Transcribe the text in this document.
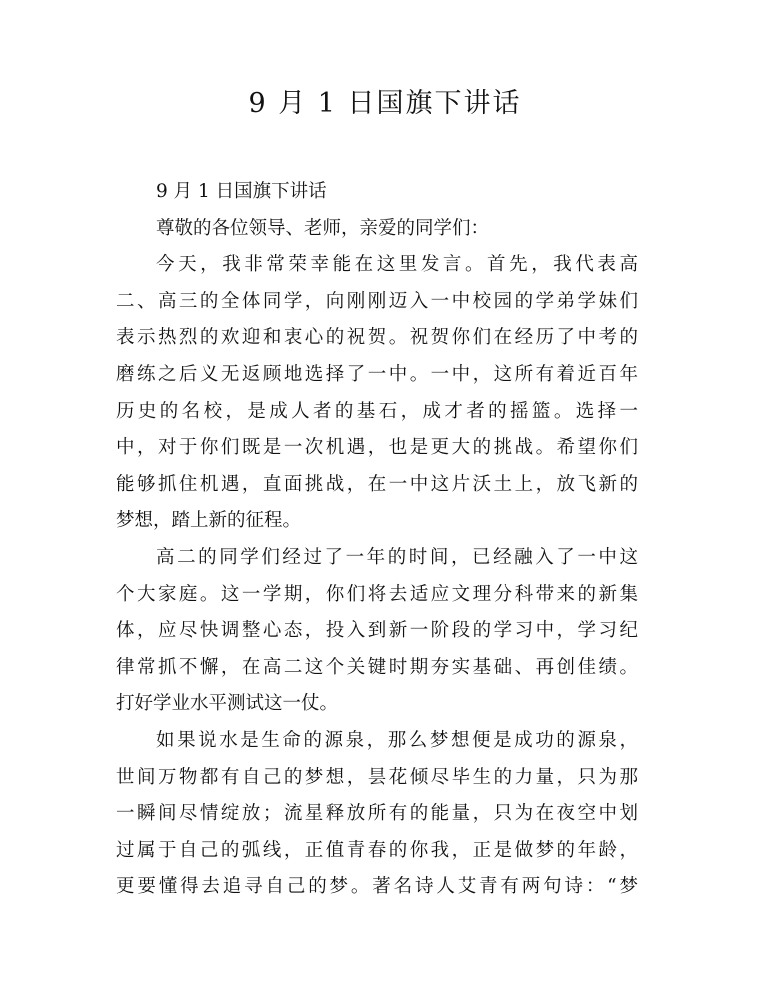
9 月 1 日国旗下讲话
9 月 1 日国旗下讲话
尊敬的各位领导、老师，亲爱的同学们：
今天，我非常荣幸能在这里发言。首先，我代表高
二、高三的全体同学，向刚刚迈入一中校园的学弟学妹们
表示热烈的欢迎和衷心的祝贺。祝贺你们在经历了中考的
磨练之后义无返顾地选择了一中。一中，这所有着近百年
历史的名校，是成人者的基石，成才者的摇篮。选择一
中，对于你们既是一次机遇，也是更大的挑战。希望你们
能够抓住机遇，直面挑战，在一中这片沃土上，放飞新的
梦想，踏上新的征程。
高二的同学们经过了一年的时间，已经融入了一中这
个大家庭。这一学期，你们将去适应文理分科带来的新集
体，应尽快调整心态，投入到新一阶段的学习中，学习纪
律常抓不懈，在高二这个关键时期夯实基础、再创佳绩。
打好学业水平测试这一仗。
如果说水是生命的源泉，那么梦想便是成功的源泉，
世间万物都有自己的梦想，昙花倾尽毕生的力量，只为那
一瞬间尽情绽放；流星释放所有的能量，只为在夜空中划
过属于自己的弧线，正值青春的你我，正是做梦的年龄，
更要懂得去追寻自己的梦。著名诗人艾青有两句诗：“梦
